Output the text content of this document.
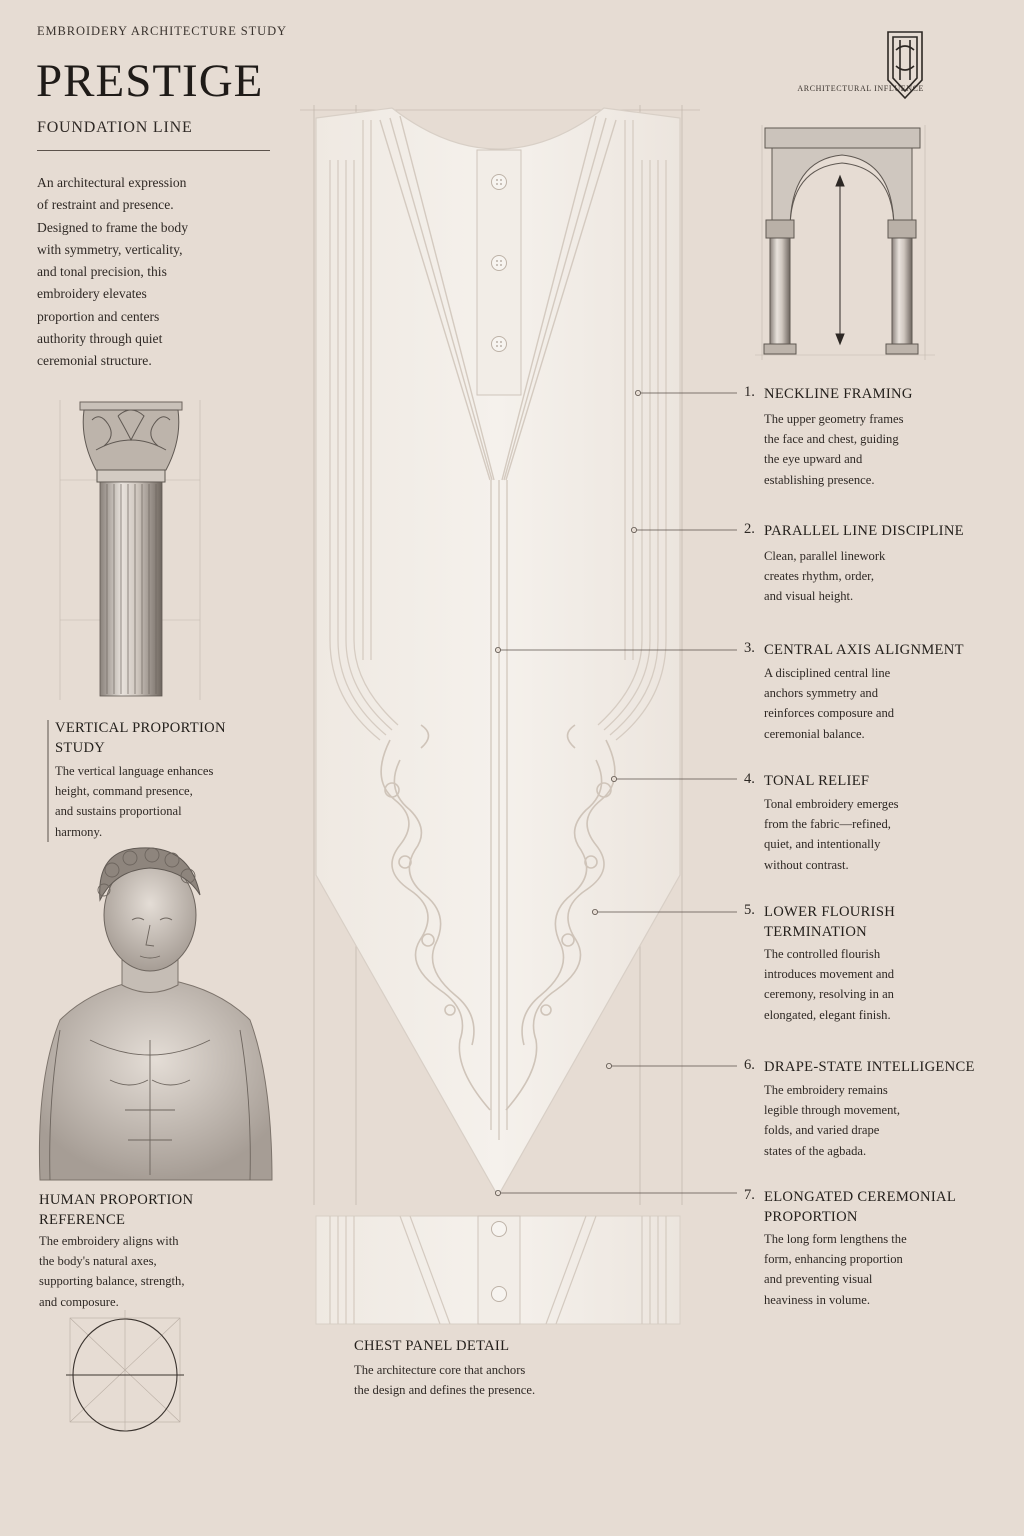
EMBROIDERY ARCHITECTURE STUDY
PRESTIGE
FOUNDATION LINE
An architectural expression
of restraint and presence.
Designed to frame the body
with symmetry, verticality,
and tonal precision, this
embroidery elevates
proportion and centers
authority through quiet
ceremonial structure.
ARCHITECTURAL INFLUENCE
VERTICAL PROPORTION
STUDY
The vertical language enhances
height, command presence,
and sustains proportional
harmony.
HUMAN PROPORTION
REFERENCE
The embroidery aligns with
the body's natural axes,
supporting balance, strength,
and composure.
CHEST PANEL DETAIL
The architecture core that anchors
the design and defines the presence.
1. NECKLINE FRAMING
The upper geometry frames
the face and chest, guiding
the eye upward and
establishing presence.
2. PARALLEL LINE DISCIPLINE
Clean, parallel linework
creates rhythm, order,
and visual height.
3. CENTRAL AXIS ALIGNMENT
A disciplined central line
anchors symmetry and
reinforces composure and
ceremonial balance.
4. TONAL RELIEF
Tonal embroidery emerges
from the fabric—refined,
quiet, and intentionally
without contrast.
5. LOWER FLOURISH
TERMINATION
The controlled flourish
introduces movement and
ceremony, resolving in an
elongated, elegant finish.
6. DRAPE-STATE INTELLIGENCE
The embroidery remains
legible through movement,
folds, and varied drape
states of the agbada.
7. ELONGATED CEREMONIAL
PROPORTION
The long form lengthens the
form, enhancing proportion
and preventing visual
heaviness in volume.
